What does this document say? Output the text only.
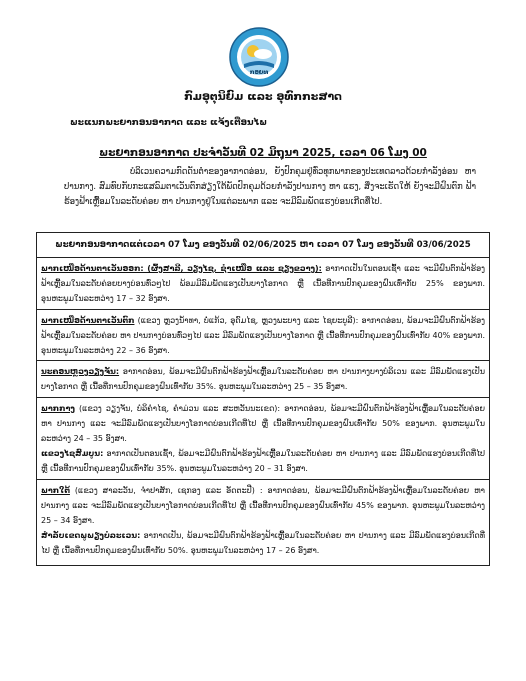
ກອຍທ
ກົມອຸຕຸນິຍົມ ແລະ ອຸທົກກະສາດ
ພະແນກພະຍາກອນອາກາດ ແລະ ແຈ້ງເຕືອນໄພ
ພະຍາກອນອາກາດ ປະຈຳວັນທີ 02 ມິຖຸນາ 2025, ເວລາ 06 ໂມງ 00
ບໍລິເວນຄວາມກົດດັນຕ່ຳຂອງອາກາດອ່ອນ, ຍັງປົກຄຸມຢູ່ທົ່ວທຸກພາກຂອງປະເທດລາວດ້ວຍກຳລັງອ່ອນ ຫາ ປານກາງ. ສົມທົບກັບກະແສລົມຕາເວັນຕົກສ່ຽງໃຕ້ພັດປົກຄຸມດ້ວຍກຳລັງປານກາງ ຫາ ແຮງ, ສິ່ງຈະເຮັດໃຫ້ ຍັງຈະມີຝົນຕົກ ຟ້າຮ້ອງຟ້າເຫຼື້ອມໃນລະດັບຄ່ອຍ ຫາ ປານກາງຢູ່ໃນແຕ່ລະພາກ ແລະ ຈະມີລົມພັດແຮງບ່ອນເກີດທີ່ໄປ.
ພະຍາກອນອາກາດແຕ່ເວລາ 07 ໂມງ ຂອງວັນທີ 02/06/2025 ຫາ ເວລາ 07 ໂມງ ຂອງວັນທີ 03/06/2025
ພາກເໜືອດ້ານຕາເວັນອອກ: (ຜົ້ງສາລີ, ວຽງໄຊ, ຊຳເໜືອ ແລະ ຊຽງຂວາງ): ອາກາດເປັນໃນຕອນເຊົ້າ ແລະ ຈະມີຝົນຕົກຟ້າຮ້ອງຟ້າເຫຼື້ອມໃນລະດັບຄ່ອຍບາງບ່ອນທົ່ວໆໄປ ພ້ອມມີລົມພັດແຮງເປັນບາງໂອກາດ ຫຼື ເນື້ອທີ່ການປົກຄຸມຂອງຝົນເທົ່າກັບ 25% ຂອງພາກ. ອຸນຫະພູມໃນລະຫວ່າງ 17 – 32 ອົງສາ.
ພາກເໜືອດ້ານຕາເວັນຕົກ (ແຂວງ ຫຼວງນ້ຳທາ, ບໍ່ແກ້ວ, ອຸດົມໄຊ, ຫຼວງພະບາງ ແລະ ໄຊຍະບູລີ): ອາກາດອ່ອນ, ພ້ອມຈະມີຝົນຕົກຟ້າຮ້ອງຟ້າເຫຼື້ອມໃນລະດັບຄ່ອຍ ຫາ ປານກາງບ່ອນທົ່ວໆໄປ ແລະ ມີລົມພັດແຮງເປັນບາງໂອກາດ ຫຼື ເນື້ອທີ່ການປົກຄຸມຂອງຝົນເທົ່າກັບ 40% ຂອງພາກ. ອຸນຫະພູມໃນລະຫວ່າງ 22 – 36 ອົງສາ.
ນະຄອນຫຼວງວຽງຈັນ: ອາກາດອ່ອນ, ພ້ອມຈະມີຝົນຕົກຟ້າຮ້ອງຟ້າເຫຼື້ອມໃນລະດັບຄ່ອຍ ຫາ ປານກາງບາງບໍລິເວນ ແລະ ມີລົມພັດແຮງເປັນບາງໂອກາດ ຫຼື ເນື້ອທີ່ການປົກຄຸມຂອງຝົນເທົ່າກັບ 35%. ອຸນຫະພູມໃນລະຫວ່າງ 25 – 35 ອົງສາ.
ພາກກາງ (ແຂວງ ວຽງຈັນ, ບໍລິຄຳໄຊ, ຄຳມ່ວນ ແລະ ສະຫວັນນະເຂດ): ອາກາດອ່ອນ, ພ້ອມຈະມີຝົນຕົກຟ້າຮ້ອງຟ້າເຫຼື້ອມໃນລະດັບຄ່ອຍ ຫາ ປານກາງ ແລະ ຈະມີລົມພັດແຮງເປັນບາງໂອກາດບ່ອນເກີດທີ່ໄປ ຫຼື ເນື້ອທີ່ການປົກຄຸມຂອງຝົນເທົ່າກັບ 50% ຂອງພາກ. ອຸນຫະພູມໃນລະຫວ່າງ 24 – 35 ອົງສາ.
ແຂວງໄຊສົມບູນ: ອາກາດເປັນຕອນເຊົ້າ, ພ້ອມຈະມີຝົນຕົກຟ້າຮ້ອງຟ້າເຫຼື້ອມໃນລະດັບຄ່ອຍ ຫາ ປານກາງ ແລະ ມີລົມພັດແຮງບ່ອນເກີດທີ່ໄປ ຫຼື ເນື້ອທີ່ການປົກຄຸມຂອງຝົນເທົ່າກັບ 35%. ອຸນຫະພູມໃນລະຫວ່າງ 20 – 31 ອົງສາ.
ພາກໃຕ້ (ແຂວງ ສາລະວັນ, ຈຳປາສັກ, ເຊກອງ ແລະ ອັດຕະປື) : ອາກາດອ່ອນ, ພ້ອມຈະມີຝົນຕົກຟ້າຮ້ອງຟ້າເຫຼື້ອມໃນລະດັບຄ່ອຍ ຫາ ປານກາງ ແລະ ຈະມີລົມພັດແຮງເປັນບາງໂອກາດບ່ອນເກີດທີ່ໄປ ຫຼື ເນື້ອທີ່ການປົກຄຸມຂອງຝົນເທົ່າກັບ 45% ຂອງພາກ. ອຸນຫະພູມໃນລະຫວ່າງ 25 – 34 ອົງສາ.
ສຳລັບເຂດພູພຽງບໍລະເວນ: ອາກາດເປັນ, ພ້ອມຈະມີຝົນຕົກຟ້າຮ້ອງຟ້າເຫຼື້ອມໃນລະດັບຄ່ອຍ ຫາ ປານກາງ ແລະ ມີລົມພັດແຮງບ່ອນເກີດທີ່ໄປ ຫຼື ເນື້ອທີ່ການປົກຄຸມຂອງຝົນເທົ່າກັບ 50%. ອຸນຫະພູມໃນລະຫວ່າງ 17 – 26 ອົງສາ.
